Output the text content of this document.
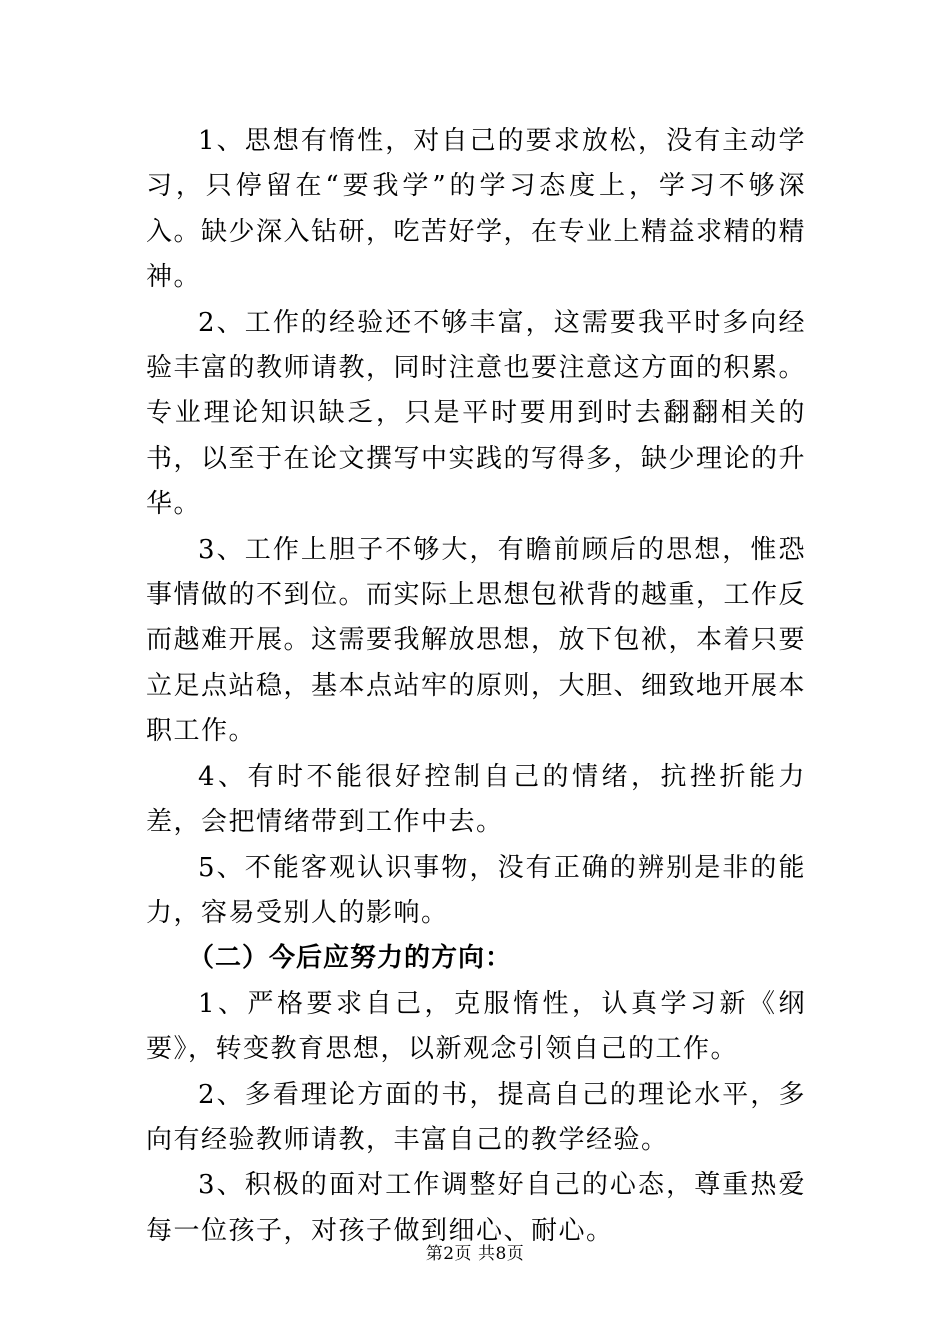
1、思想有惰性，对自己的要求放松，没有主动学习，只停留在“要我学”的学习态度上，学习不够深入。缺少深入钻研，吃苦好学，在专业上精益求精的精神。

2、工作的经验还不够丰富，这需要我平时多向经验丰富的教师请教，同时注意也要注意这方面的积累。专业理论知识缺乏，只是平时要用到时去翻翻相关的书，以至于在论文撰写中实践的写得多，缺少理论的升华。

3、工作上胆子不够大，有瞻前顾后的思想，惟恐事情做的不到位。而实际上思想包袱背的越重，工作反而越难开展。这需要我解放思想，放下包袱，本着只要立足点站稳，基本点站牢的原则，大胆、细致地开展本职工作。

4、有时不能很好控制自己的情绪，抗挫折能力差，会把情绪带到工作中去。

5、不能客观认识事物，没有正确的辨别是非的能力，容易受别人的影响。

（二）今后应努力的方向：

1、严格要求自己，克服惰性，认真学习新《纲要》，转变教育思想，以新观念引领自己的工作。

2、多看理论方面的书，提高自己的理论水平，多向有经验教师请教，丰富自己的教学经验。

3、积极的面对工作调整好自己的心态，尊重热爱每一位孩子，对孩子做到细心、耐心。

第2页 共8页
